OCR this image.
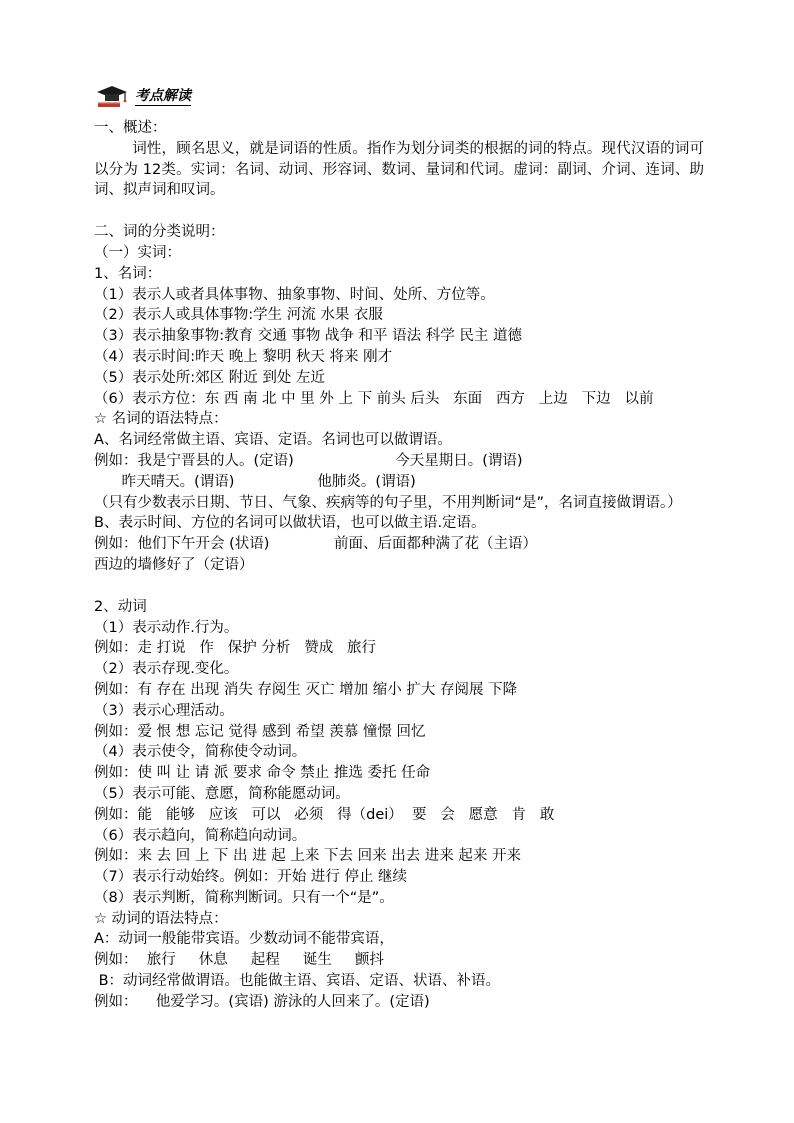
考点解读
一、概述：
词性，顾名思义，就是词语的性质。指作为划分词类的根据的词的特点。现代汉语的词可以分为 12类。实词：名词、动词、形容词、数词、量词和代词。虚词：副词、介词、连词、助词、拟声词和叹词。
二、词的分类说明：
（一）实词：
1、名词：
（1）表示人或者具体事物、抽象事物、时间、处所、方位等。
（2）表示人或具体事物:学生 河流 水果 衣服
（3）表示抽象事物:教育 交通 事物 战争 和平 语法 科学 民主 道德
（4）表示时间:昨天 晚上 黎明 秋天 将来 刚才
（5）表示处所:郊区 附近 到处 左近
（6）表示方位：东 西 南 北 中 里 外 上 下 前头 后头   东面   西方   上边   下边   以前
☆ 名词的语法特点：
A、名词经常做主语、宾语、定语。名词也可以做谓语。
例如：我是宁晋县的人。(定语)                      今天星期日。(谓语)
昨天晴天。(谓语)                  他肺炎。(谓语)
（只有少数表示日期、节日、气象、疾病等的句子里，不用判断词“是”，名词直接做谓语。）
B、表示时间、方位的名词可以做状语，也可以做主语.定语。
例如：他们下午开会 (状语)              前面、后面都种满了花（主语）
西边的墙修好了（定语）
2、动词
（1）表示动作.行为。
例如：走 打说   作   保护 分析   赞成   旅行
（2）表示存现.变化。
例如：有 存在 出现 消失 存阅生 灭亡 增加 缩小 扩大 存阅展 下降
（3）表示心理活动。
例如：爱 恨 想 忘记 觉得 感到 希望 羡慕 憧憬 回忆
（4）表示使令，简称使令动词。
例如：使 叫 让 请 派 要求 命令 禁止 推选 委托 任命
（5）表示可能、意愿，简称能愿动词。
例如：能   能够   应该   可以   必须   得（dei）  要   会   愿意   肯   敢
（6）表示趋向，简称趋向动词。
例如：来 去 回 上 下 出 进 起 上来 下去 回来 出去 进来 起来 开来
（7）表示行动始终。例如：开始 进行 停止 继续
（8）表示判断，简称判断词。只有一个“是”。
☆ 动词的语法特点：
A：动词一般能带宾语。少数动词不能带宾语，
例如：  旅行     休息     起程     诞生     颤抖
B：动词经常做谓语。也能做主语、宾语、定语、状语、补语。
例如：    他爱学习。(宾语) 游泳的人回来了。(定语)
